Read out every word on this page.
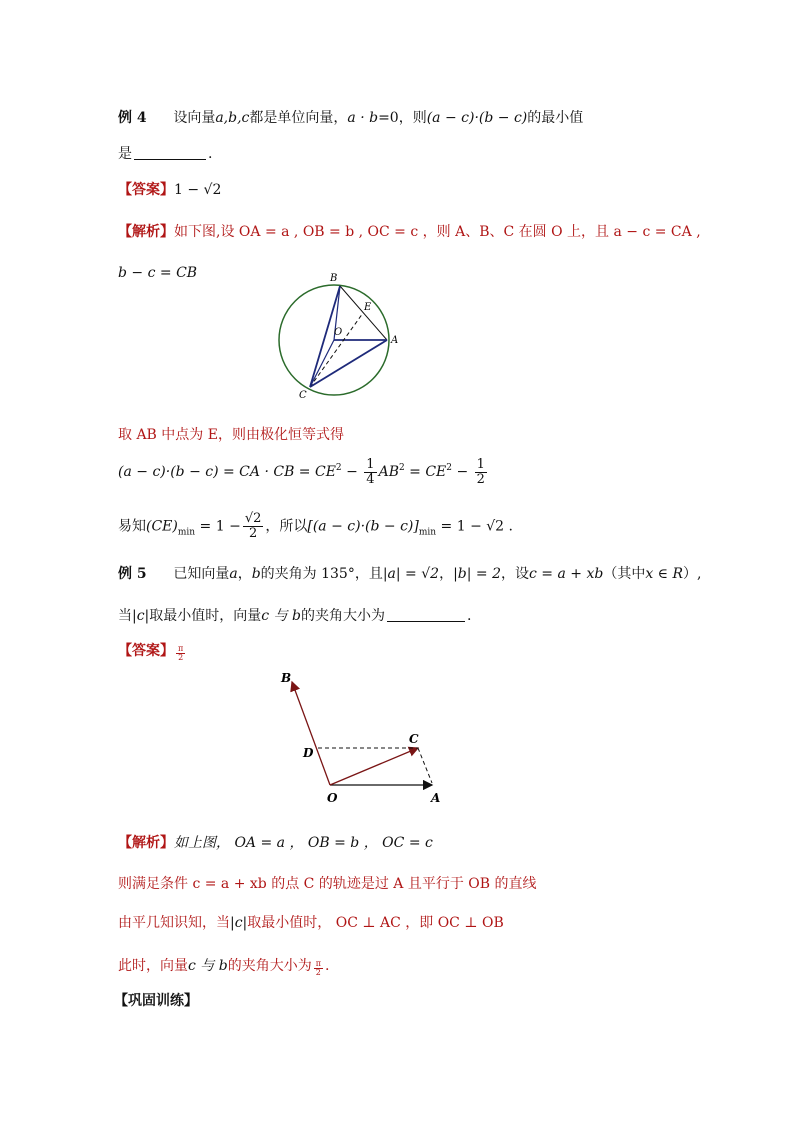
例 4 设向量a,b,c都是单位向量，a · b=0，则(a − c)·(b − c)的最小值
是	.
【答案】1 − √2
【解析】如下图,设 OA = a , OB = b , OC = c ，则 A、B、C 在圆 O 上，且 a − c = CA ,
b − c = CB	B
E
O
A
C
取 AB 中点为 E，则由极化恒等式得
(a − c)·(b − c) = CA · CB = $CE^2 - \frac{1}{4} AB^2 = CE^2 - \frac{1}{2}$
易知$(CE)_{min} = 1 - \frac{√2}{2}$ ，所以$[(a - c)\cdot(b - c)]_{min} = 1 - √2$ .
例 5 已知向量a，b的夹角为 135°，且|a| = √2，|b| = 2，设c = a + xb（其中x ∈ R）,
当|c|取最小值时，向量c 与 b的夹角大小为	.
【答案】 $\frac{\pi}{2}$
B
C
D
O	A
【解析】如上图， OA = a ， OB = b ， OC = c
则满足条件 c = a + xb 的点 C 的轨迹是过 A 且平行于 OB 的直线
由平几知识知，当|c|取最小值时， OC ⊥ AC ，即 OC ⊥ OB
此时，向量c 与 b的夹角大小为 $\frac{\pi}{2}$ .
【巩固训练】
